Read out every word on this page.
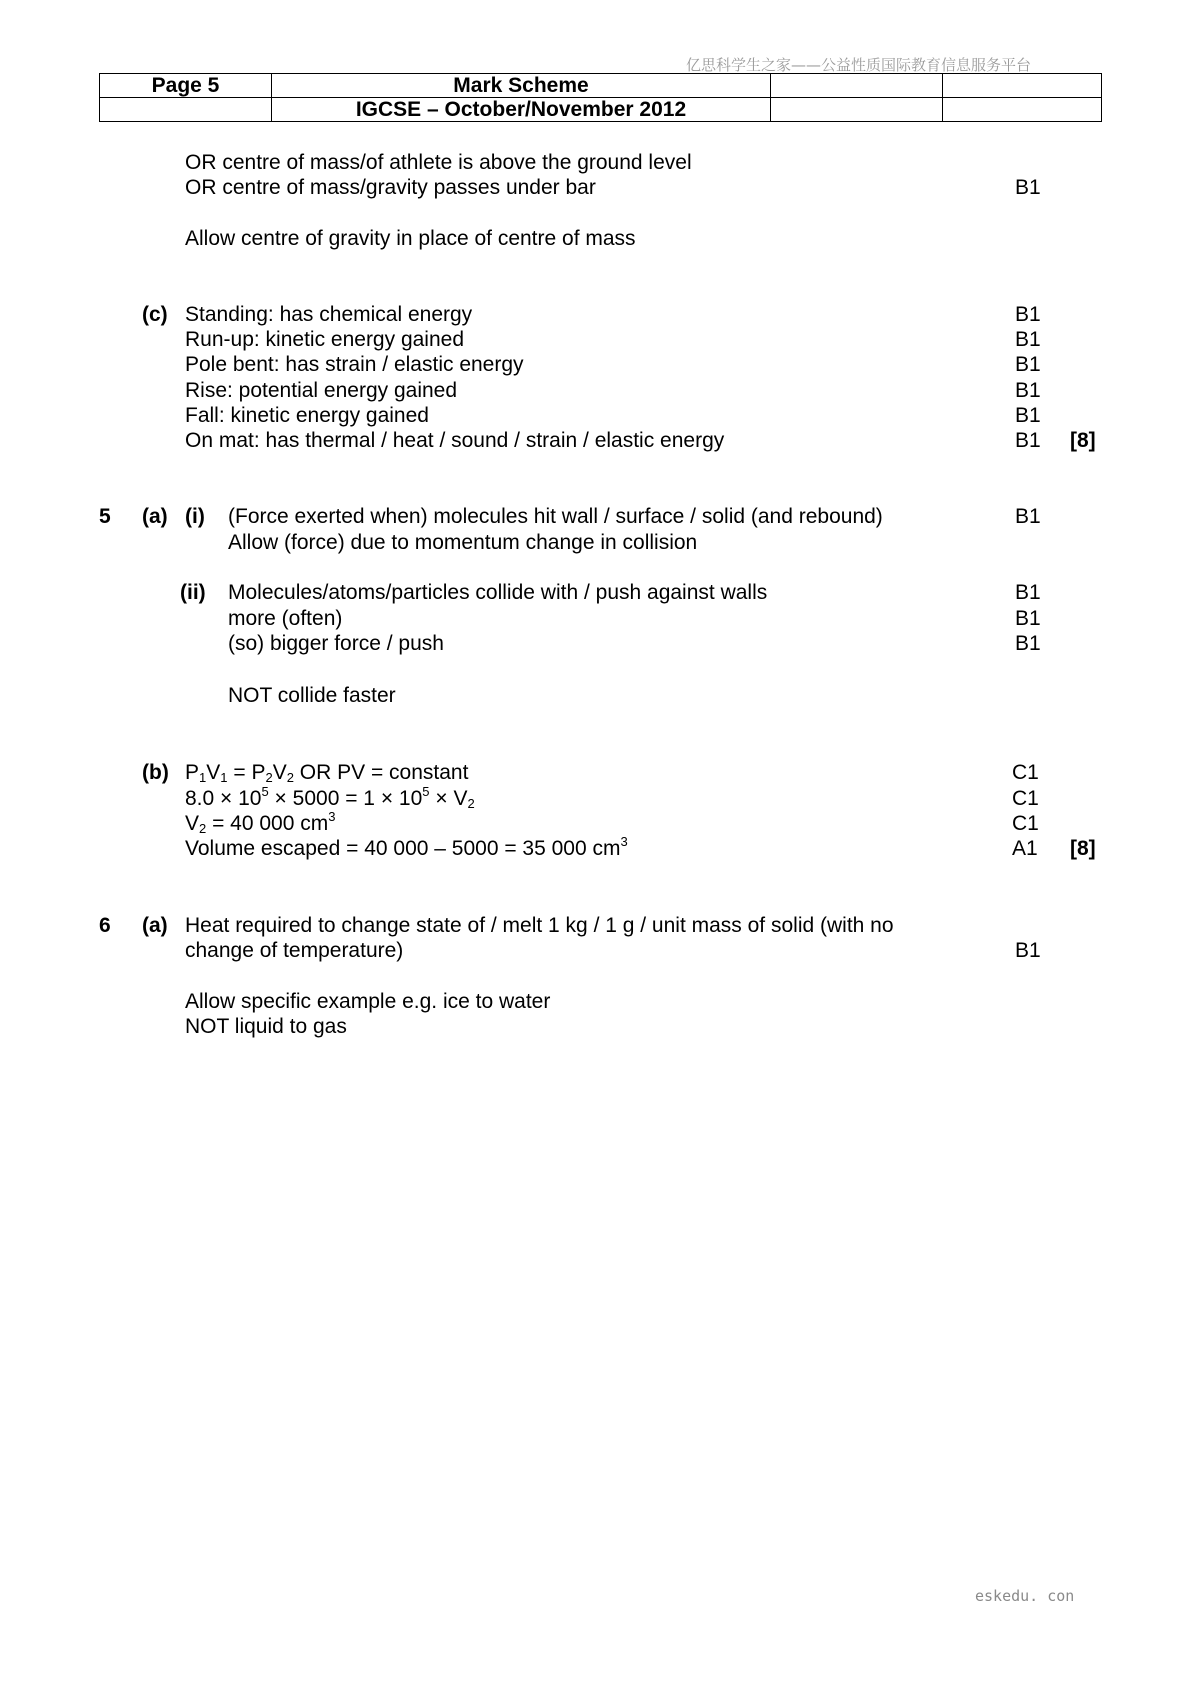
亿思科学生之家——公益性质国际教育信息服务平台
Page 5	Mark Scheme		
	IGCSE – October/November 2012		
OR centre of mass/of athlete is above the ground level
OR centre of mass/gravity passes under bar	B1
Allow centre of gravity in place of centre of mass
(c) Standing: has chemical energy	B1
Run-up: kinetic energy gained	B1
Pole bent: has strain / elastic energy	B1
Rise: potential energy gained	B1
Fall: kinetic energy gained	B1
On mat: has thermal / heat / sound / strain / elastic energy	B1 [8]
5 (a) (i) (Force exerted when) molecules hit wall / surface / solid (and rebound)	B1
Allow (force) due to momentum change in collision
(ii) Molecules/atoms/particles collide with / push against walls	B1
more (often)	B1
(so) bigger force / push	B1
NOT collide faster
(b) $P_1V_1 = P_2V_2$ OR PV = constant	C1
$8.0 \times 10^5 \times 5000 = 1 \times 10^5 \times V_2$	C1
$V_2 = 40$ 000 $cm^3$	C1
Volume escaped = 40 000 – 5000 = 35 000 $cm^3$	A1 [8]
6 (a) Heat required to change state of / melt 1 kg / 1 g / unit mass of solid (with no
change of temperature)	B1
Allow specific example e.g. ice to water
NOT liquid to gas
eskedu. con
